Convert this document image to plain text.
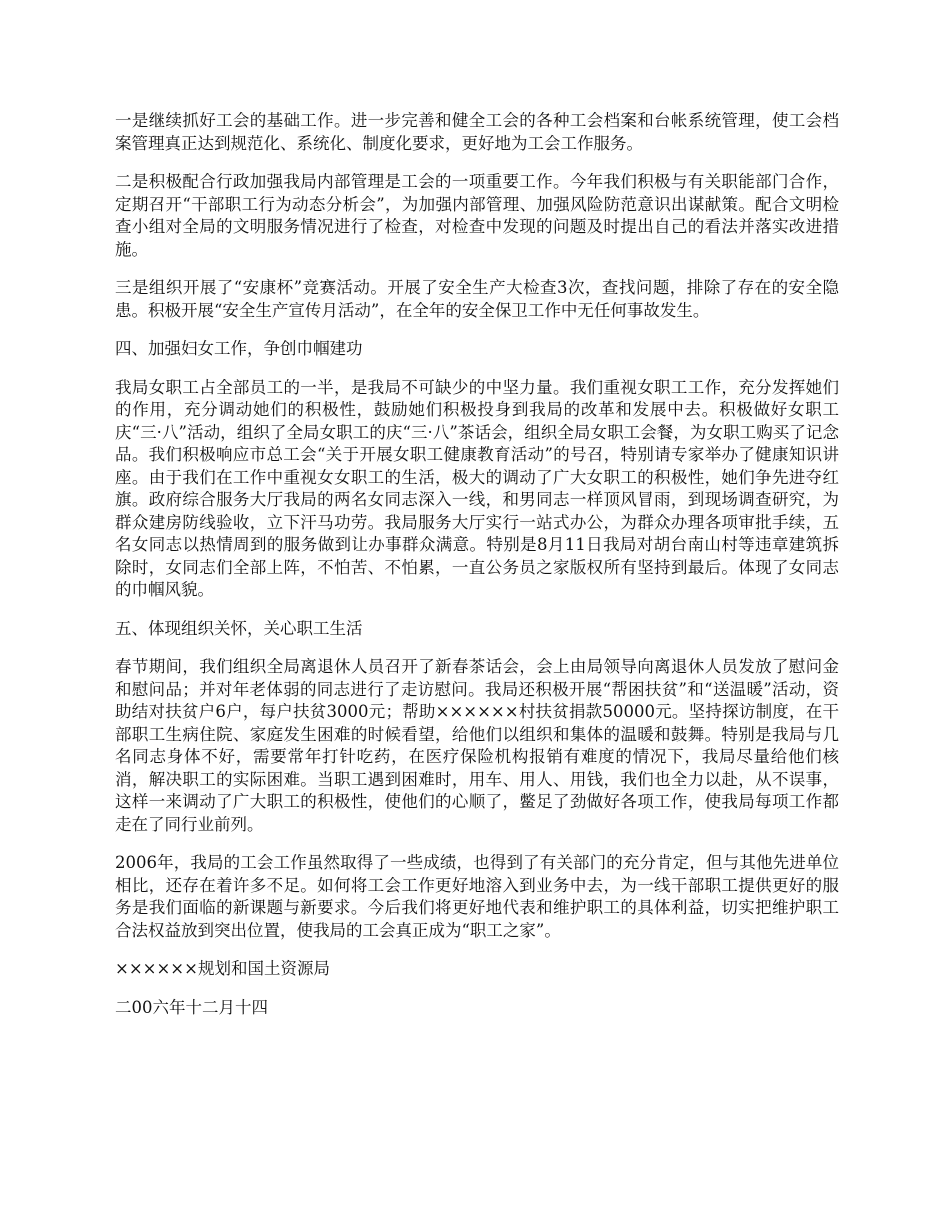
一是继续抓好工会的基础工作。进一步完善和健全工会的各种工会档案和台帐系统管理，使工会档案管理真正达到规范化、系统化、制度化要求，更好地为工会工作服务。

二是积极配合行政加强我局内部管理是工会的一项重要工作。今年我们积极与有关职能部门合作，定期召开“干部职工行为动态分析会”，为加强内部管理、加强风险防范意识出谋献策。配合文明检查小组对全局的文明服务情况进行了检查，对检查中发现的问题及时提出自己的看法并落实改进措施。

三是组织开展了“安康杯”竞赛活动。开展了安全生产大检查3次，查找问题，排除了存在的安全隐患。积极开展“安全生产宣传月活动”，在全年的安全保卫工作中无任何事故发生。

四、加强妇女工作，争创巾帼建功

我局女职工占全部员工的一半，是我局不可缺少的中坚力量。我们重视女职工工作，充分发挥她们的作用，充分调动她们的积极性，鼓励她们积极投身到我局的改革和发展中去。积极做好女职工庆“三·八”活动，组织了全局女职工的庆“三·八”茶话会，组织全局女职工会餐，为女职工购买了记念品。我们积极响应市总工会“关于开展女职工健康教育活动”的号召，特别请专家举办了健康知识讲座。由于我们在工作中重视女女职工的生活，极大的调动了广大女职工的积极性，她们争先进夺红旗。政府综合服务大厅我局的两名女同志深入一线，和男同志一样顶风冒雨，到现场调查研究，为群众建房防线验收，立下汗马功劳。我局服务大厅实行一站式办公，为群众办理各项审批手续，五名女同志以热情周到的服务做到让办事群众满意。特别是8月11日我局对胡台南山村等违章建筑拆除时，女同志们全部上阵，不怕苦、不怕累，一直公务员之家版权所有坚持到最后。体现了女同志的巾帼风貌。

五、体现组织关怀，关心职工生活

春节期间，我们组织全局离退休人员召开了新春茶话会，会上由局领导向离退休人员发放了慰问金和慰问品；并对年老体弱的同志进行了走访慰问。我局还积极开展“帮困扶贫”和“送温暖”活动，资助结对扶贫户6户，每户扶贫3000元；帮助××××××村扶贫捐款50000元。坚持探访制度，在干部职工生病住院、家庭发生困难的时候看望，给他们以组织和集体的温暖和鼓舞。特别是我局与几名同志身体不好，需要常年打针吃药，在医疗保险机构报销有难度的情况下，我局尽量给他们核消，解决职工的实际困难。当职工遇到困难时，用车、用人、用钱，我们也全力以赴，从不误事，这样一来调动了广大职工的积极性，使他们的心顺了，鳖足了劲做好各项工作，使我局每项工作都走在了同行业前列。

2006年，我局的工会工作虽然取得了一些成绩，也得到了有关部门的充分肯定，但与其他先进单位相比，还存在着许多不足。如何将工会工作更好地溶入到业务中去，为一线干部职工提供更好的服务是我们面临的新课题与新要求。今后我们将更好地代表和维护职工的具体利益，切实把维护职工合法权益放到突出位置，使我局的工会真正成为“职工之家”。

××××××规划和国土资源局

二00六年十二月十四
